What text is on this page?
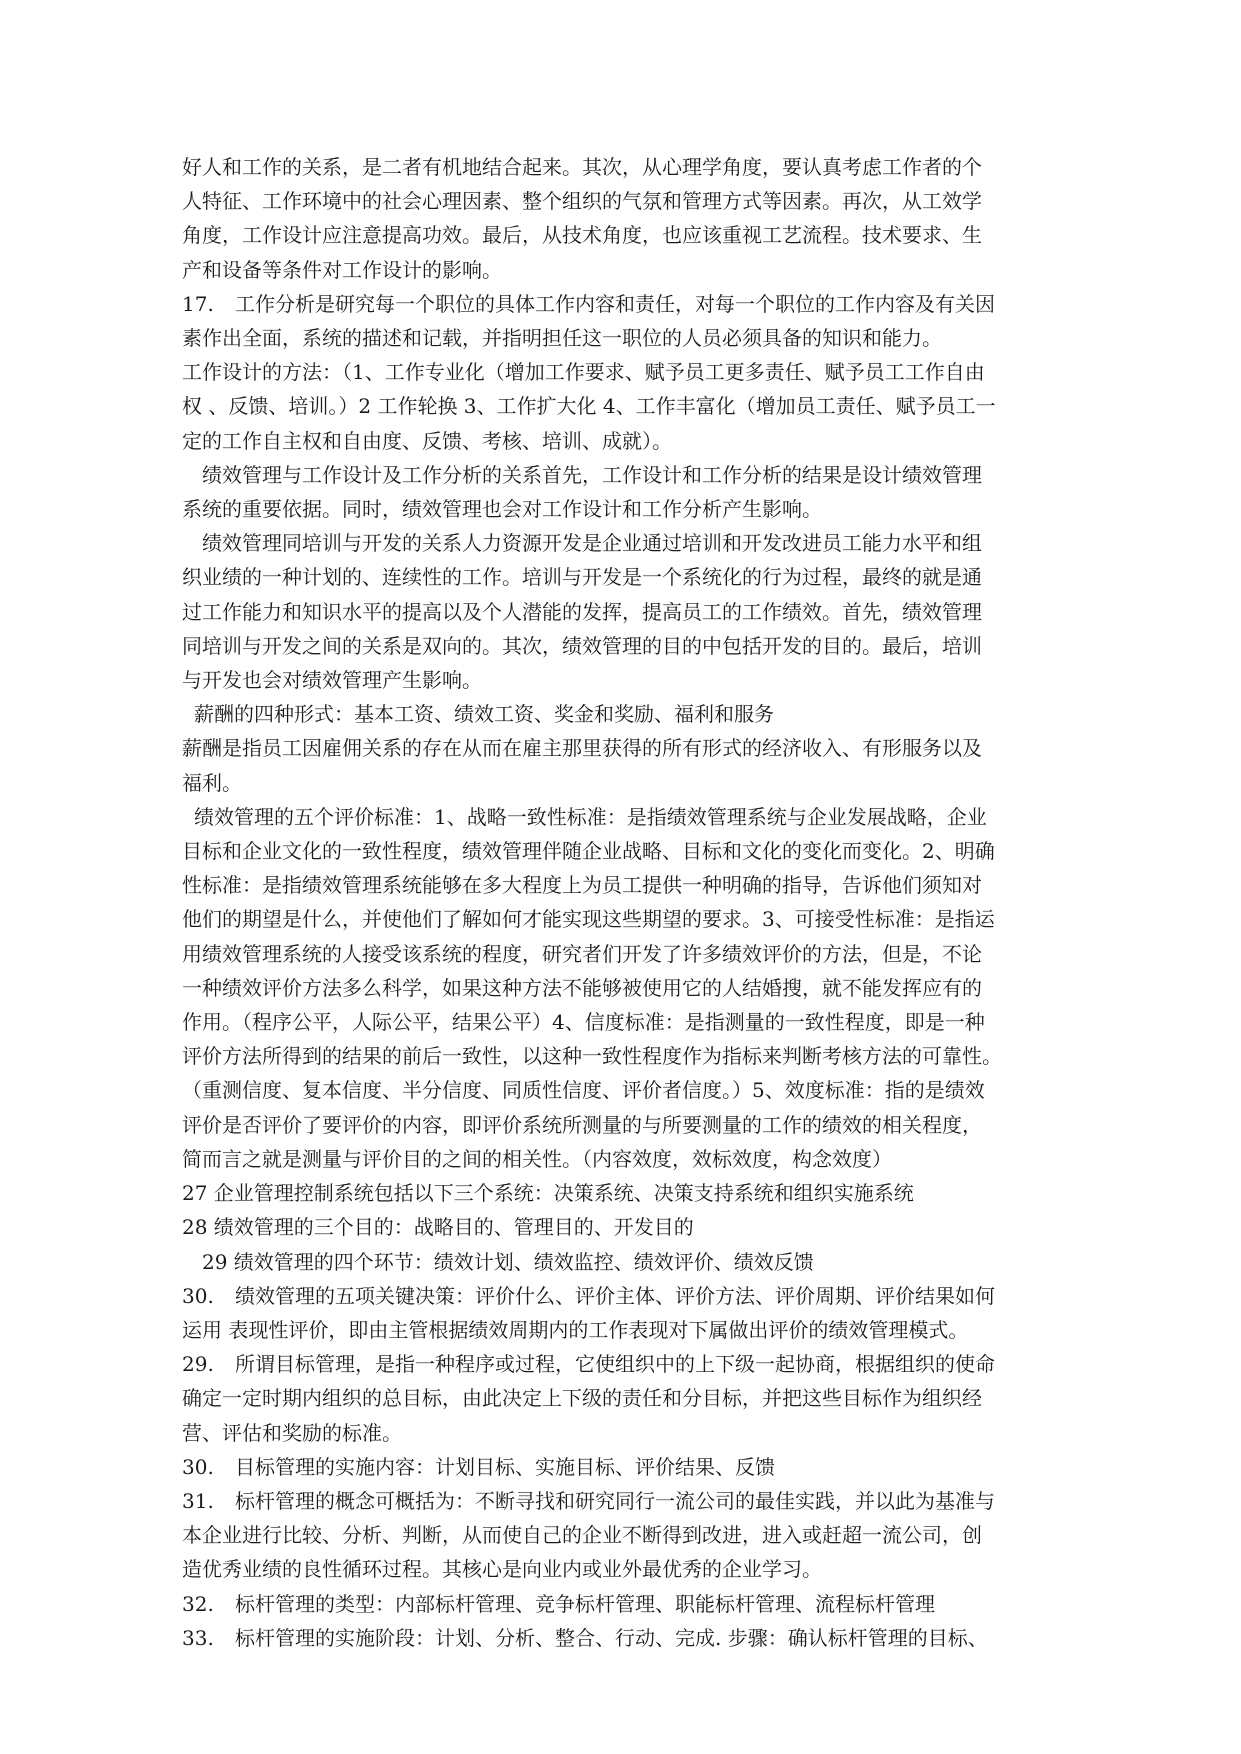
好人和工作的关系，是二者有机地结合起来。其次，从心理学角度，要认真考虑工作者的个
人特征、工作环境中的社会心理因素、整个组织的气氛和管理方式等因素。再次，从工效学
角度，工作设计应注意提高功效。最后，从技术角度，也应该重视工艺流程。技术要求、生
产和设备等条件对工作设计的影响。
17. 工作分析是研究每一个职位的具体工作内容和责任，对每一个职位的工作内容及有关因
素作出全面，系统的描述和记载，并指明担任这一职位的人员必须具备的知识和能力。
工作设计的方法：（1、工作专业化（增加工作要求、赋予员工更多责任、赋予员工工作自由
权 、反馈、培训。）2 工作轮换 3、工作扩大化 4、工作丰富化（增加员工责任、赋予员工一
定的工作自主权和自由度、反馈、考核、培训、成就）。
绩效管理与工作设计及工作分析的关系首先，工作设计和工作分析的结果是设计绩效管理
系统的重要依据。同时，绩效管理也会对工作设计和工作分析产生影响。
绩效管理同培训与开发的关系人力资源开发是企业通过培训和开发改进员工能力水平和组
织业绩的一种计划的、连续性的工作。培训与开发是一个系统化的行为过程，最终的就是通
过工作能力和知识水平的提高以及个人潜能的发挥，提高员工的工作绩效。首先，绩效管理
同培训与开发之间的关系是双向的。其次，绩效管理的目的中包括开发的目的。最后，培训
与开发也会对绩效管理产生影响。
薪酬的四种形式：基本工资、绩效工资、奖金和奖励、福利和服务
薪酬是指员工因雇佣关系的存在从而在雇主那里获得的所有形式的经济收入、有形服务以及
福利。
绩效管理的五个评价标准：1、战略一致性标准：是指绩效管理系统与企业发展战略，企业
目标和企业文化的一致性程度，绩效管理伴随企业战略、目标和文化的变化而变化。2、明确
性标准：是指绩效管理系统能够在多大程度上为员工提供一种明确的指导，告诉他们须知对
他们的期望是什么，并使他们了解如何才能实现这些期望的要求。3、可接受性标准：是指运
用绩效管理系统的人接受该系统的程度，研究者们开发了许多绩效评价的方法，但是，不论
一种绩效评价方法多么科学，如果这种方法不能够被使用它的人结婚搜，就不能发挥应有的
作用。（程序公平，人际公平，结果公平）4、信度标准：是指测量的一致性程度，即是一种
评价方法所得到的结果的前后一致性，以这种一致性程度作为指标来判断考核方法的可靠性。
（重测信度、复本信度、半分信度、同质性信度、评价者信度。）5、效度标准：指的是绩效
评价是否评价了要评价的内容，即评价系统所测量的与所要测量的工作的绩效的相关程度，
简而言之就是测量与评价目的之间的相关性。（内容效度，效标效度，构念效度）
27 企业管理控制系统包括以下三个系统：决策系统、决策支持系统和组织实施系统
28 绩效管理的三个目的：战略目的、管理目的、开发目的
29 绩效管理的四个环节：绩效计划、绩效监控、绩效评价、绩效反馈
30. 绩效管理的五项关键决策：评价什么、评价主体、评价方法、评价周期、评价结果如何
运用 表现性评价，即由主管根据绩效周期内的工作表现对下属做出评价的绩效管理模式。
29. 所谓目标管理，是指一种程序或过程，它使组织中的上下级一起协商，根据组织的使命
确定一定时期内组织的总目标，由此决定上下级的责任和分目标，并把这些目标作为组织经
营、评估和奖励的标准。
30. 目标管理的实施内容：计划目标、实施目标、评价结果、反馈
31. 标杆管理的概念可概括为：不断寻找和研究同行一流公司的最佳实践，并以此为基准与
本企业进行比较、分析、判断，从而使自己的企业不断得到改进，进入或赶超一流公司，创
造优秀业绩的良性循环过程。其核心是向业内或业外最优秀的企业学习。
32. 标杆管理的类型：内部标杆管理、竞争标杆管理、职能标杆管理、流程标杆管理
33. 标杆管理的实施阶段：计划、分析、整合、行动、完成. 步骤：确认标杆管理的目标、
